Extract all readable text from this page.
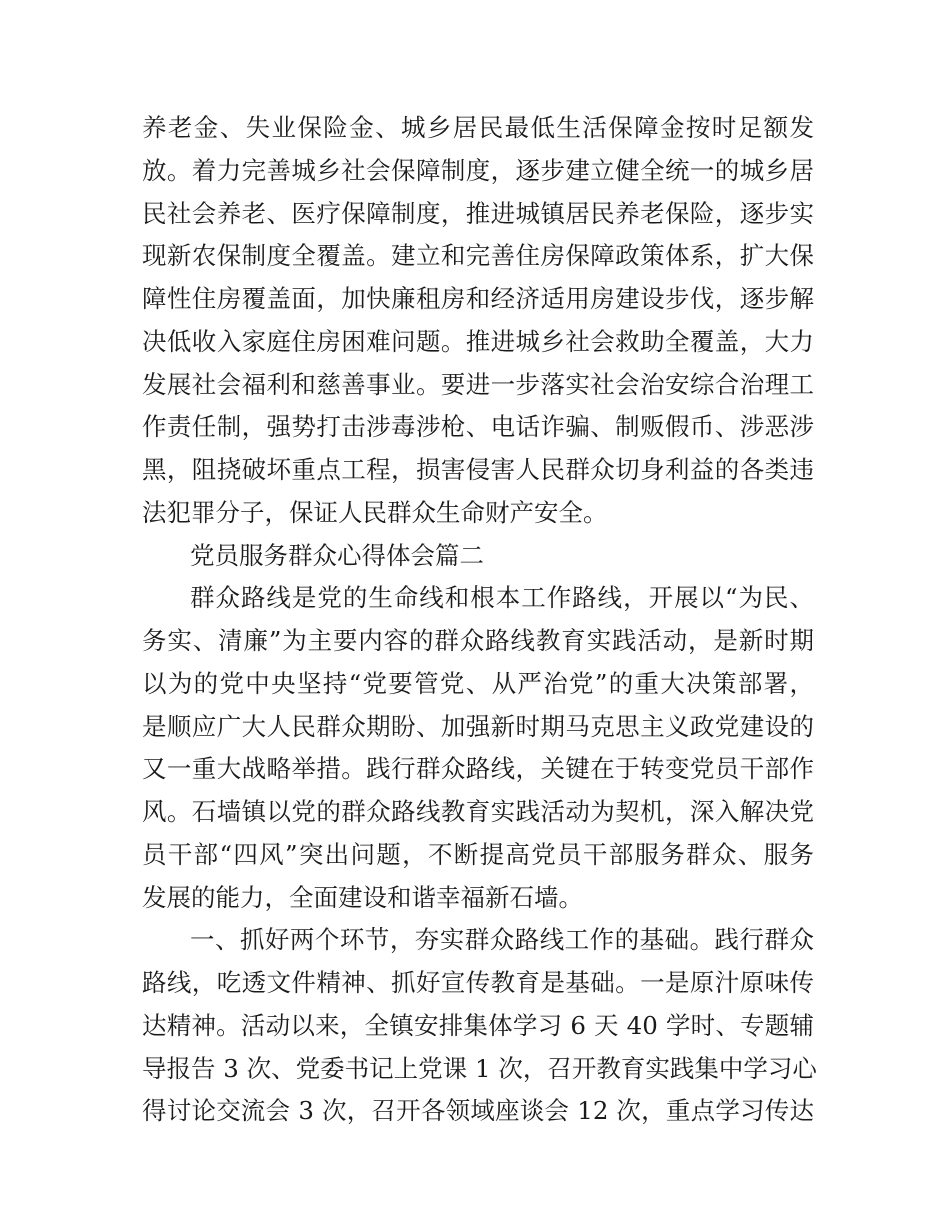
养老金、失业保险金、城乡居民最低生活保障金按时足额发
放。着力完善城乡社会保障制度，逐步建立健全统一的城乡居
民社会养老、医疗保障制度，推进城镇居民养老保险，逐步实
现新农保制度全覆盖。建立和完善住房保障政策体系，扩大保
障性住房覆盖面，加快廉租房和经济适用房建设步伐，逐步解
决低收入家庭住房困难问题。推进城乡社会救助全覆盖，大力
发展社会福利和慈善事业。要进一步落实社会治安综合治理工
作责任制，强势打击涉毒涉枪、电话诈骗、制贩假币、涉恶涉
黑，阻挠破坏重点工程，损害侵害人民群众切身利益的各类违
法犯罪分子，保证人民群众生命财产安全。
党员服务群众心得体会篇二
群众路线是党的生命线和根本工作路线，开展以“为民、
务实、清廉”为主要内容的群众路线教育实践活动，是新时期
以为的党中央坚持“党要管党、从严治党”的重大决策部署，
是顺应广大人民群众期盼、加强新时期马克思主义政党建设的
又一重大战略举措。践行群众路线，关键在于转变党员干部作
风。石墙镇以党的群众路线教育实践活动为契机，深入解决党
员干部“四风”突出问题，不断提高党员干部服务群众、服务
发展的能力，全面建设和谐幸福新石墙。
一、抓好两个环节，夯实群众路线工作的基础。践行群众
路线，吃透文件精神、抓好宣传教育是基础。一是原汁原味传
达精神。活动以来，全镇安排集体学习 6 天 40 学时、专题辅
导报告 3 次、党委书记上党课 1 次，召开教育实践集中学习心
得讨论交流会 3 次，召开各领域座谈会 12 次，重点学习传达
